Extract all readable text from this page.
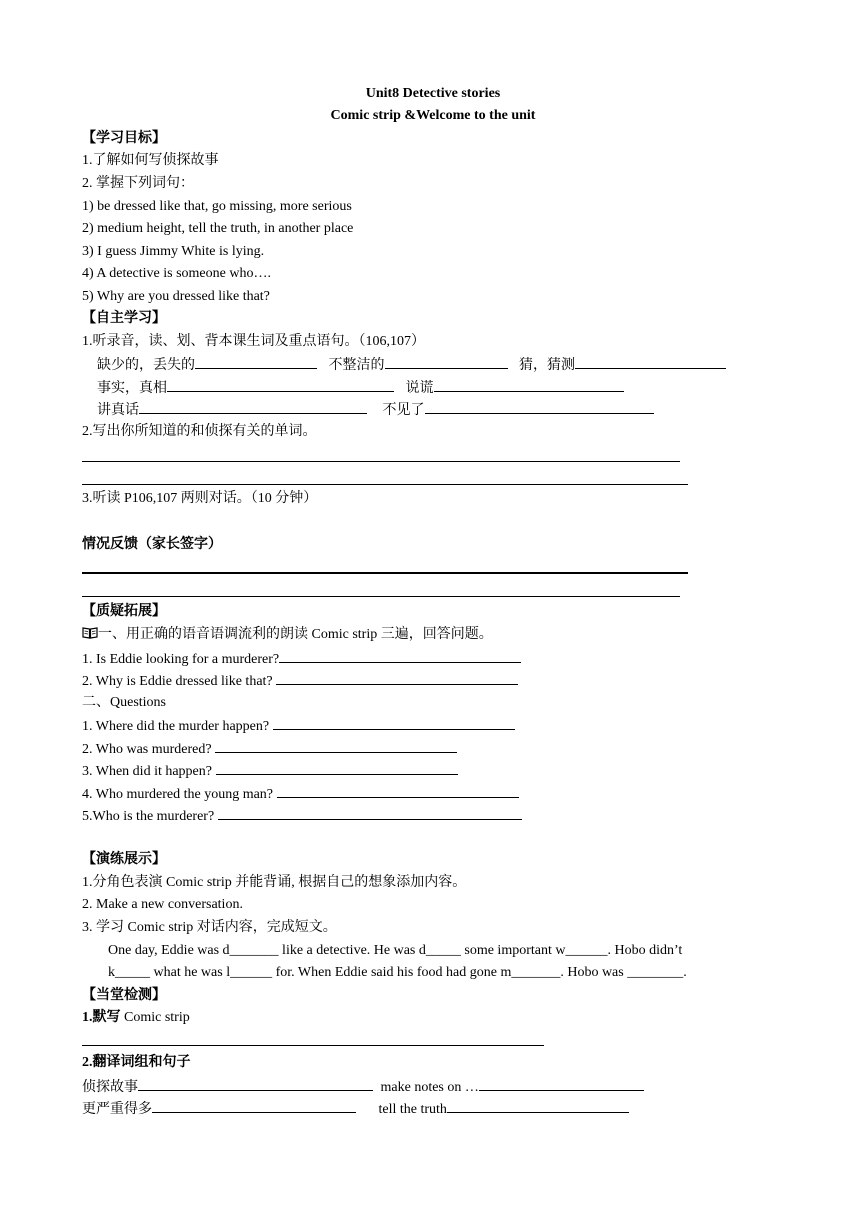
Unit8 Detective stories
Comic strip &Welcome to the unit
【学习目标】
1.了解如何写侦探故事
2. 掌握下列词句：
1) be dressed like that, go missing, more serious
2) medium height, tell the truth, in another place
3) I guess Jimmy White is lying.
4) A detective is someone who….
5) Why are you dressed like that?
【自主学习】
1.听录音，读、划、背本课生词及重点语句。（106,107）
缺少的，丢失的	不整洁的	猜，猜测
事实，真相	说谎
讲真话	不见了
2.写出你所知道的和侦探有关的单词。
3.听读 P106,107 两则对话。（10 分钟）
情况反馈（家长签字）
【质疑拓展】
一、用正确的语音语调流利的朗读 Comic strip 三遍，回答问题。
1. Is Eddie looking for a murderer?
2. Why is Eddie dressed like that?
二、Questions
1. Where did the murder happen?
2. Who was murdered?
3. When did it happen?
4. Who murdered the young man?
5.Who is the murderer?
【演练展示】
1.分角色表演 Comic strip 并能背诵, 根据自己的想象添加内容。
2. Make a new conversation.
3. 学习 Comic strip 对话内容，完成短文。
One day, Eddie was d_______ like a detective. He was d_____ some important w______. Hobo didn’t
k_____ what he was l______ for. When Eddie said his food had gone m_______. Hobo was ________.
【当堂检测】
1.默写 Comic strip
2.翻译词组和句子
侦探故事	make notes on …
更严重得多	tell the truth
